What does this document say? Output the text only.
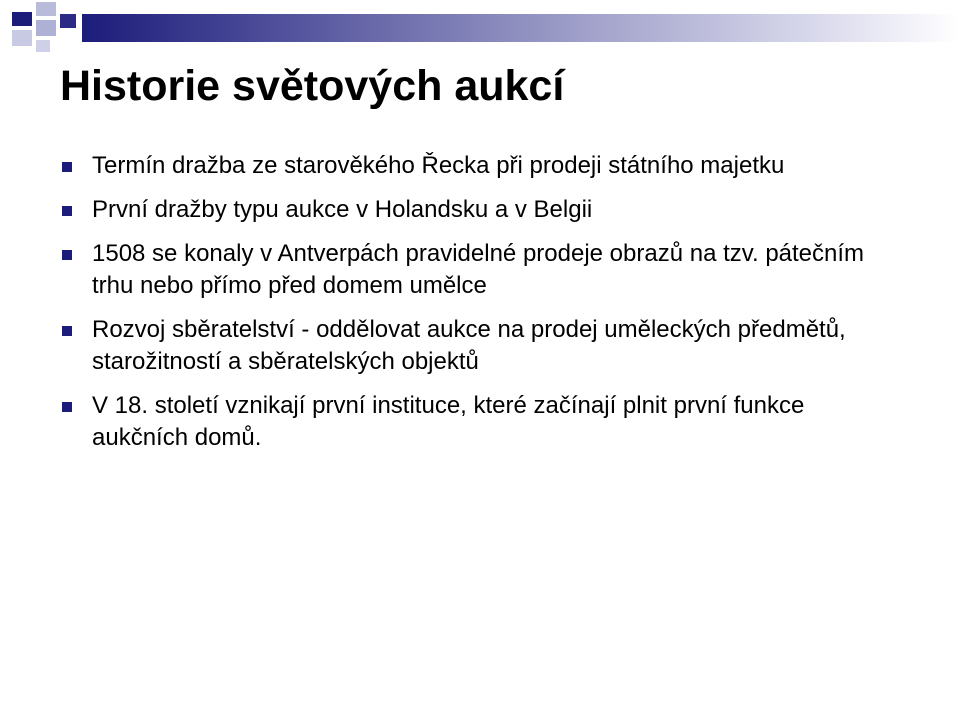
Historie světových aukcí
Termín dražba ze starověkého Řecka při prodeji státního majetku
První dražby typu aukce v Holandsku a v Belgii
1508 se konaly v Antverpách pravidelné prodeje obrazů na tzv. pátečním trhu nebo přímo před domem umělce
Rozvoj sběratelství - oddělovat aukce na prodej uměleckých předmětů, starožitností a sběratelských objektů
V 18. století vznikají první instituce, které začínají plnit první funkce aukčních domů.
